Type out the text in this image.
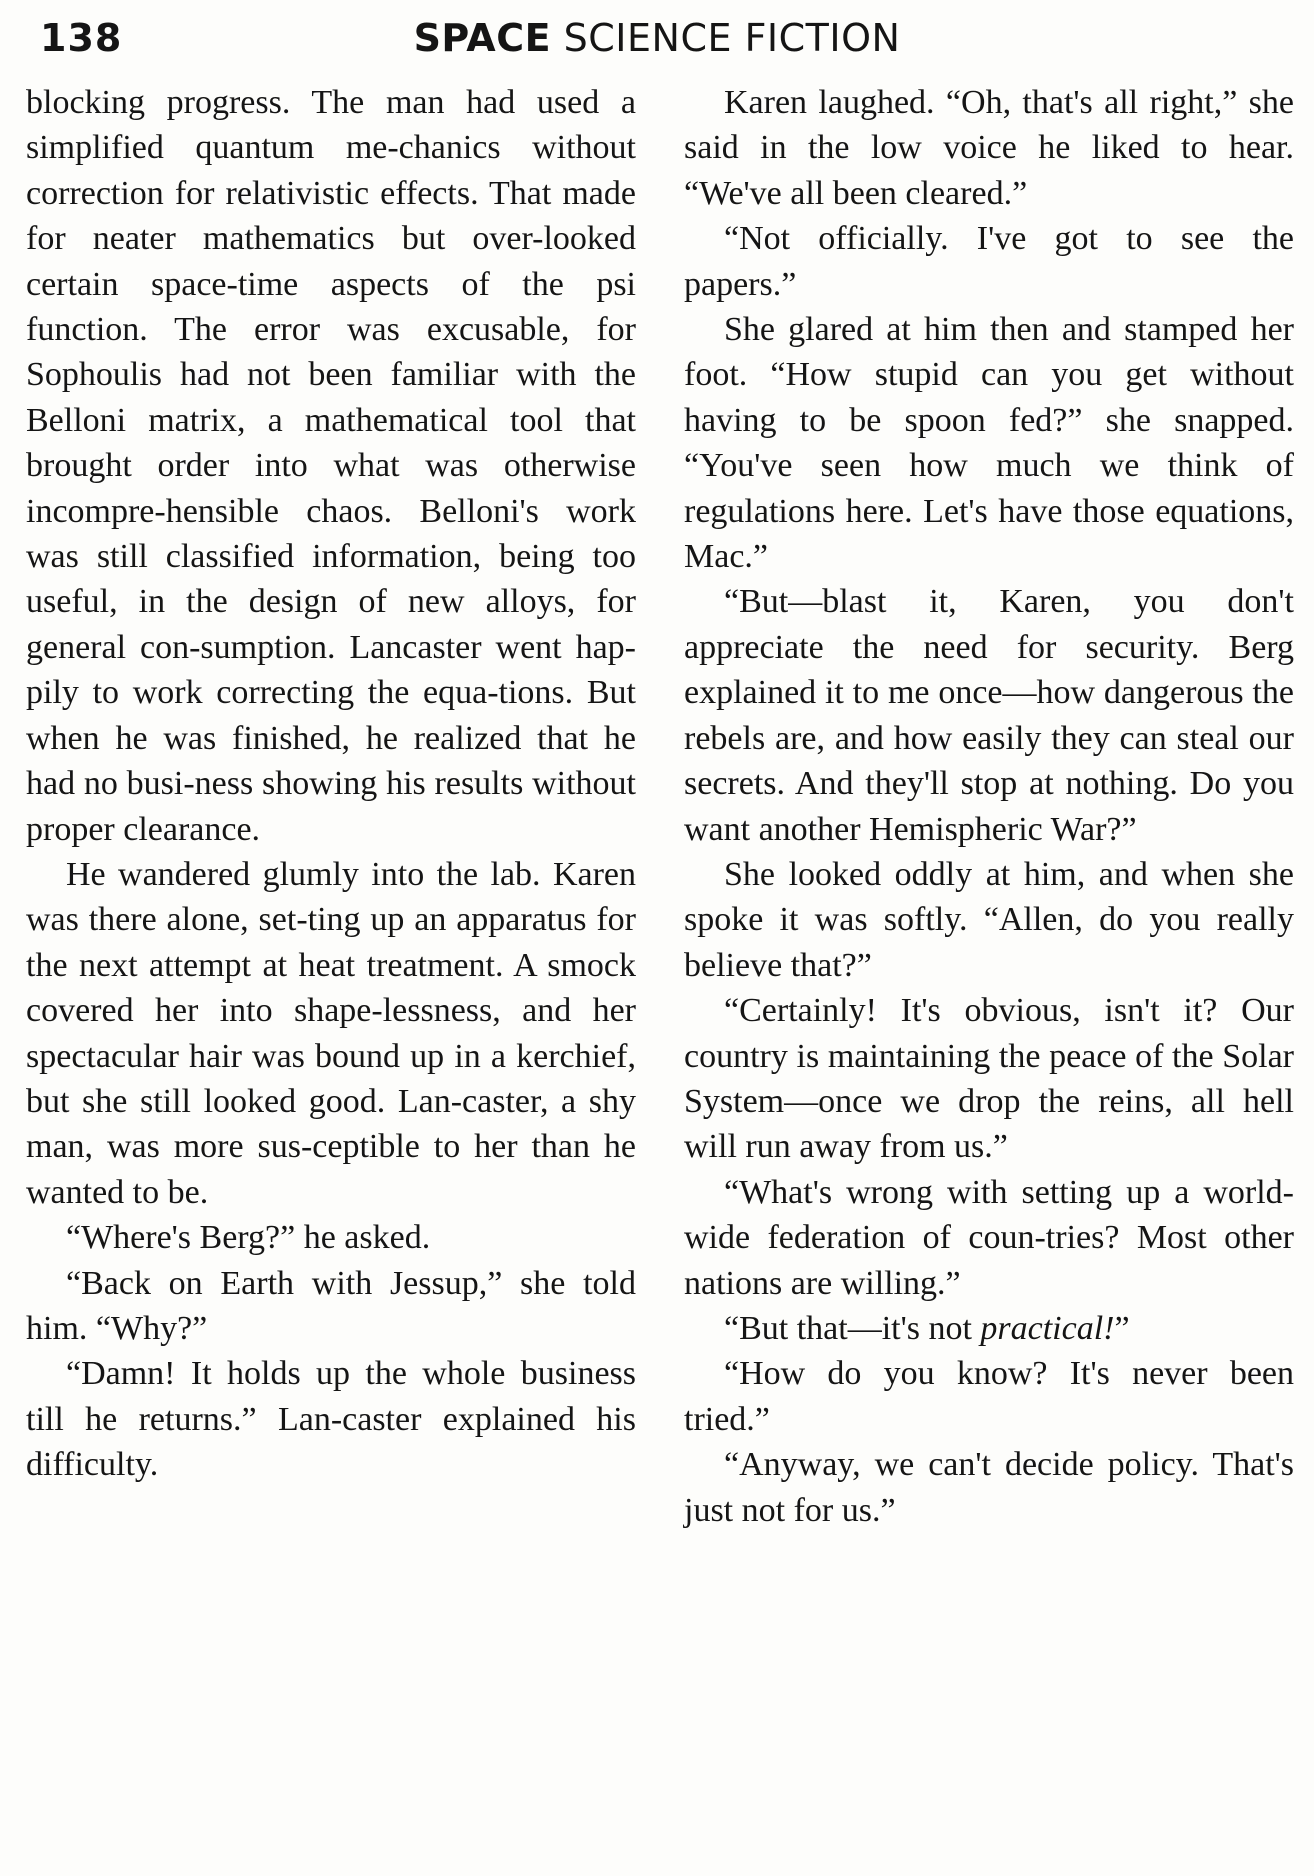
138	SPACE SCIENCE FICTION

blocking progress. The man had used a simplified quantum me-chanics without correction for relativistic effects. That made for neater mathematics but over-looked certain space-time aspects of the psi function. The error was excusable, for Sophoulis had not been familiar with the Belloni matrix, a mathematical tool that brought order into what was otherwise incompre-hensible chaos. Belloni's work was still classified information, being too useful, in the design of new alloys, for general con-sumption. Lancaster went hap-pily to work correcting the equa-tions. But when he was finished, he realized that he had no busi-ness showing his results without proper clearance.

He wandered glumly into the lab. Karen was there alone, set-ting up an apparatus for the next attempt at heat treatment. A smock covered her into shape-lessness, and her spectacular hair was bound up in a kerchief, but she still looked good. Lan-caster, a shy man, was more sus-ceptible to her than he wanted to be.

“Where's Berg?” he asked.

“Back on Earth with Jessup,” she told him. “Why?”

“Damn! It holds up the whole business till he returns.” Lan-caster explained his difficulty.

Karen laughed. “Oh, that's all right,” she said in the low voice he liked to hear. “We've all been cleared.”

“Not officially. I've got to see the papers.”

She glared at him then and stamped her foot. “How stupid can you get without having to be spoon fed?” she snapped. “You've seen how much we think of regulations here. Let's have those equations, Mac.”

“But—blast it, Karen, you don't appreciate the need for security. Berg explained it to me once—how dangerous the rebels are, and how easily they can steal our secrets. And they'll stop at nothing. Do you want another Hemispheric War?”

She looked oddly at him, and when she spoke it was softly. “Allen, do you really believe that?”

“Certainly! It's obvious, isn't it? Our country is maintaining the peace of the Solar System—once we drop the reins, all hell will run away from us.”

“What's wrong with setting up a world-wide federation of coun-tries? Most other nations are willing.”

“But that—it's not practical!”

“How do you know? It's never been tried.”

“Anyway, we can't decide policy. That's just not for us.”
